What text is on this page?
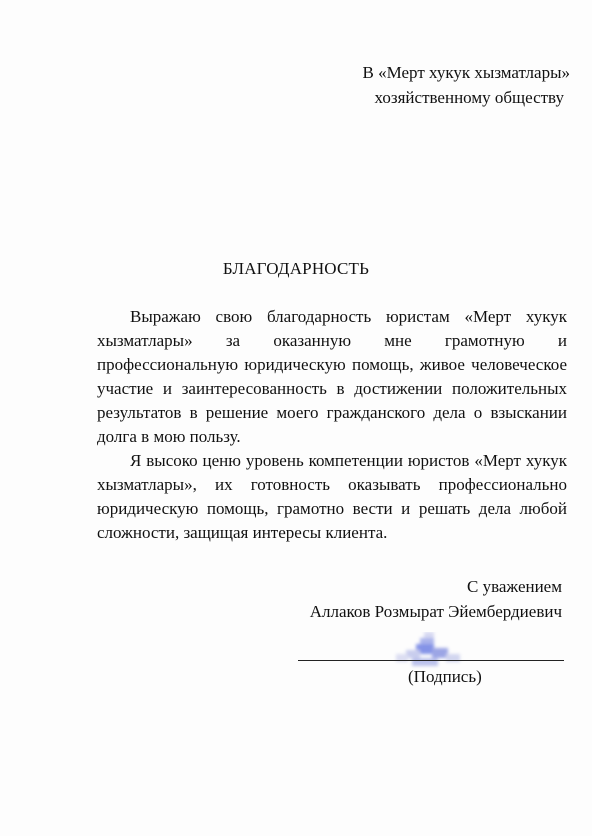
В «Мерт хукук хызматлары»
хозяйственному обществу
БЛАГОДАРНОСТЬ

Выражаю свою благодарность юристам «Мерт хукук хызматлары» за оказанную мне грамотную и профессиональную юридическую помощь, живое человеческое участие и заинтересованность в достижении положительных результатов в решение моего гражданского дела о взыскании долга в мою пользу.

Я высоко ценю уровень компетенции юристов «Мерт хукук хызматлары», их готовность оказывать профессионально юридическую помощь, грамотно вести и решать дела любой сложности, защищая интересы клиента.

С уважением
Аллаков Розмырат Эйембердиевич
(Подпись)
